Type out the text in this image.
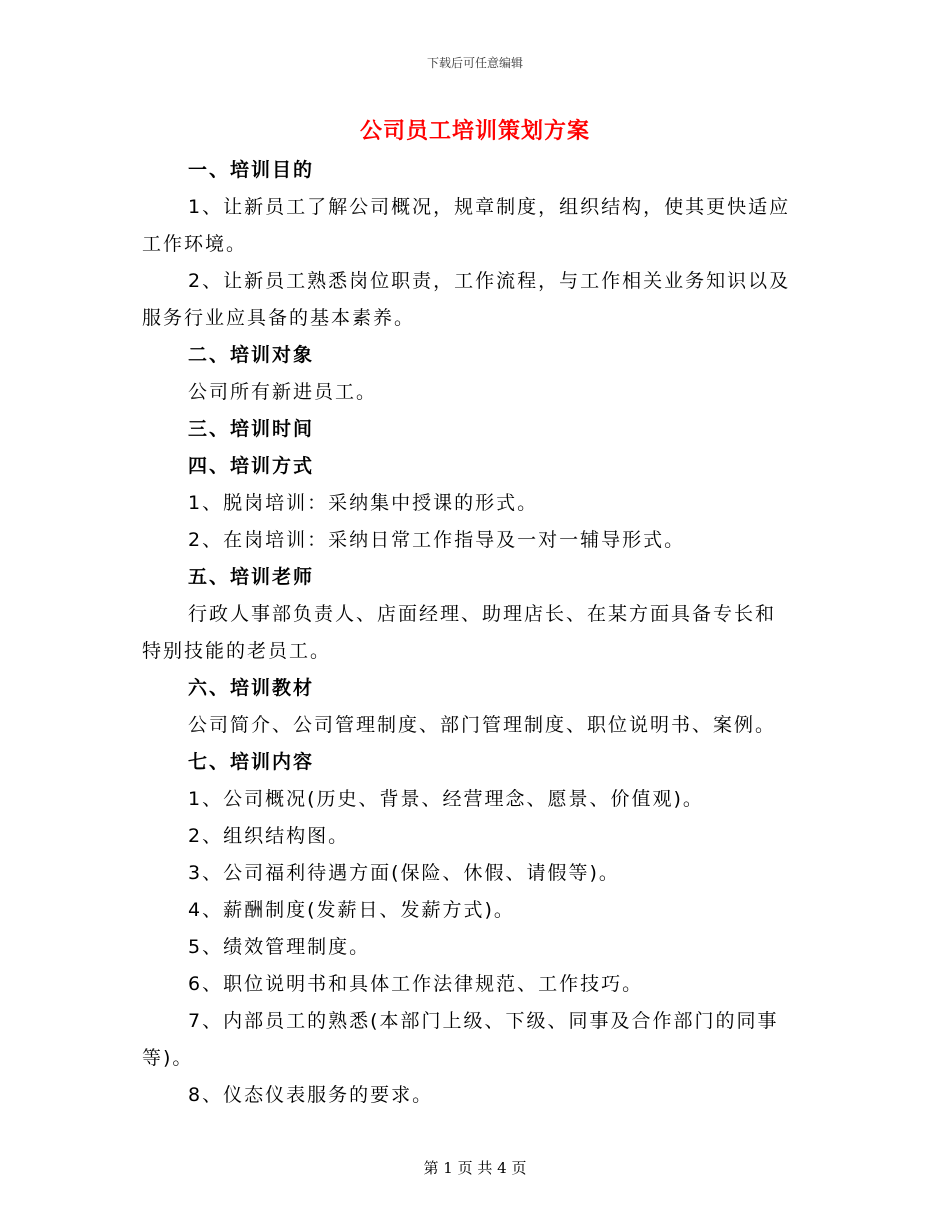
下载后可任意编辑
公司员工培训策划方案
一、培训目的
1、让新员工了解公司概况，规章制度，组织结构，使其更快适应
工作环境。
2、让新员工熟悉岗位职责，工作流程，与工作相关业务知识以及
服务行业应具备的基本素养。
二、培训对象
公司所有新进员工。
三、培训时间
四、培训方式
1、脱岗培训：采纳集中授课的形式。
2、在岗培训：采纳日常工作指导及一对一辅导形式。
五、培训老师
行政人事部负责人、店面经理、助理店长、在某方面具备专长和
特别技能的老员工。
六、培训教材
公司简介、公司管理制度、部门管理制度、职位说明书、案例。
七、培训内容
1、公司概况(历史、背景、经营理念、愿景、价值观)。
2、组织结构图。
3、公司福利待遇方面(保险、休假、请假等)。
4、薪酬制度(发薪日、发薪方式)。
5、绩效管理制度。
6、职位说明书和具体工作法律规范、工作技巧。
7、内部员工的熟悉(本部门上级、下级、同事及合作部门的同事
等)。
8、仪态仪表服务的要求。
第 1 页 共 4 页
